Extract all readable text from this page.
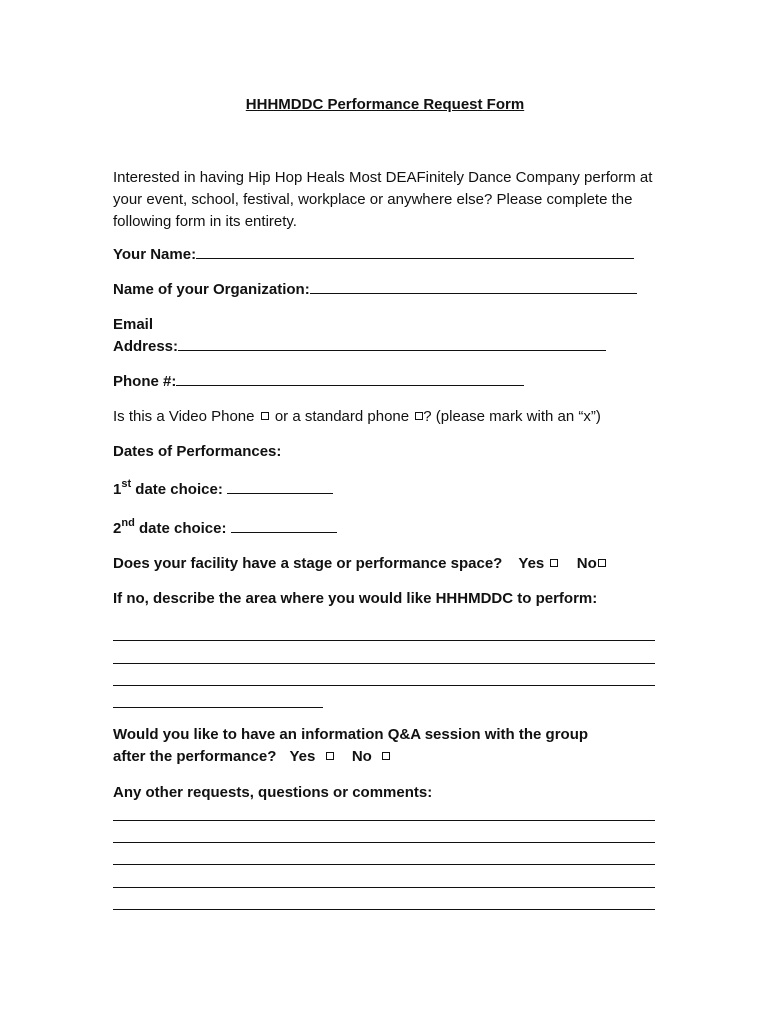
HHHMDDC Performance Request Form
Interested in having Hip Hop Heals Most DEAFinitely Dance Company perform at your event, school, festival, workplace or anywhere else? Please complete the following form in its entirety.
Your Name:
Name of your Organization:
Email
Address:
Phone #:
Is this a Video Phone or a standard phone ? (please mark with an “x”)
Dates of Performances:
1st date choice:
2nd date choice:
Does your facility have a stage or performance space? Yes No
If no, describe the area where you would like HHHMDDC to perform:
Would you like to have an information Q&A session with the group
after the performance? Yes No
Any other requests, questions or comments:
